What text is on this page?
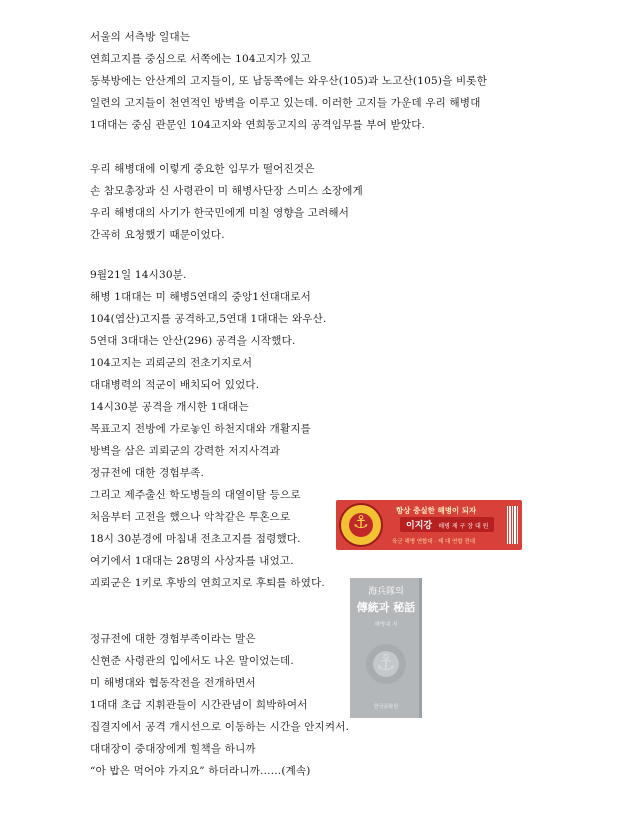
서울의 서측방 일대는
연희고지를 중심으로 서쪽에는 104고지가 있고
동북방에는 안산계의 고지들이, 또 남동쪽에는 와우산(105)과 노고산(105)을 비롯한
일련의 고지들이 천연적인 방벽을 이루고 있는데. 이러한 고지들 가운데 우리 해병대
1대대는 중심 관문인 104고지와 연희동고지의 공격임무를 부여 받았다.
우리 해병대에 이렇게 중요한 임무가 떨어진것은
손 참모총장과 신 사령관이 미 해병사단장 스미스 소장에게
우리 해병대의 사기가 한국민에게 미칠 영향을 고려해서
간곡히 요청했기 때문이었다.
9월21일 14시30분.
해병 1대대는 미 해병5연대의 중앙1선대대로서
104(염산)고지를 공격하고,5연대 1대대는 와우산.
5연대 3대대는 안산(296) 공격을 시작했다.
104고지는 괴뢰군의 전초기지로서
대대병력의 적군이 배치되어 있었다.
14시30분 공격을 개시한 1대대는
목표고지 전방에 가로놓인 하천지대와 개활지를
방벽을 삼은 괴뢰군의 강력한 저지사격과
정규전에 대한 경험부족.
그리고 제주출신 학도병들의 대열이탈 등으로
처음부터 고전을 했으나 악착같은 투혼으로
18시 30분경에 마침내 전초고지를 점령했다.
여기에서 1대대는 28명의 사상자를 내었고.
괴뢰군은 1키로 후방의 연희고지로 후퇴를 하였다.
정규전에 대한 경험부족이라는 말은
신현준 사령관의 입에서도 나온 말이었는데.
미 해병대와 협동작전을 전개하면서
1대대 초급 지휘관들이 시간관념이 희박하여서
집결지에서 공격 개시선으로 이동하는 시간을 안지켜서.
대대장이 중대장에게 힐책을 하니까
“아 밥은 먹어야 가지요” 하더라니까......(계속)
⚓
항상 충실한 해병이 되자
이지강 해병 제 구 장 대 원
육군 해병 연합대 · 제 대 연합 전대
海兵隊의
傳統과 秘話
해병대 저
⚓
한국문화원
